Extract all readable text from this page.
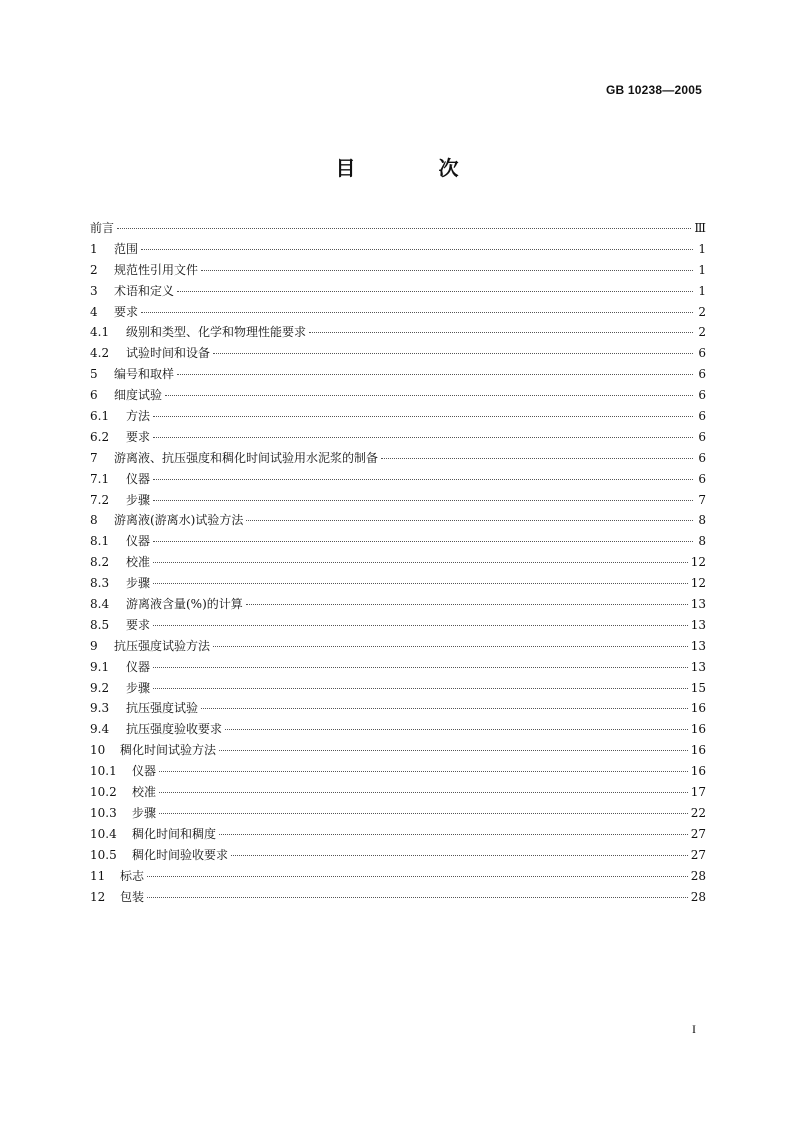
GB 10238—2005
目 次
前言	Ⅲ
1	范围	1
2	规范性引用文件	1
3	术语和定义	1
4	要求	2
4.1	级别和类型、化学和物理性能要求	2
4.2	试验时间和设备	6
5	编号和取样	6
6	细度试验	6
6.1	方法	6
6.2	要求	6
7	游离液、抗压强度和稠化时间试验用水泥浆的制备	6
7.1	仪器	6
7.2	步骤	7
8	游离液(游离水)试验方法	8
8.1	仪器	8
8.2	校准	12
8.3	步骤	12
8.4	游离液含量(%)的计算	13
8.5	要求	13
9	抗压强度试验方法	13
9.1	仪器	13
9.2	步骤	15
9.3	抗压强度试验	16
9.4	抗压强度验收要求	16
10	稠化时间试验方法	16
10.1	仪器	16
10.2	校准	17
10.3	步骤	22
10.4	稠化时间和稠度	27
10.5	稠化时间验收要求	27
11	标志	28
12	包装	28
I
